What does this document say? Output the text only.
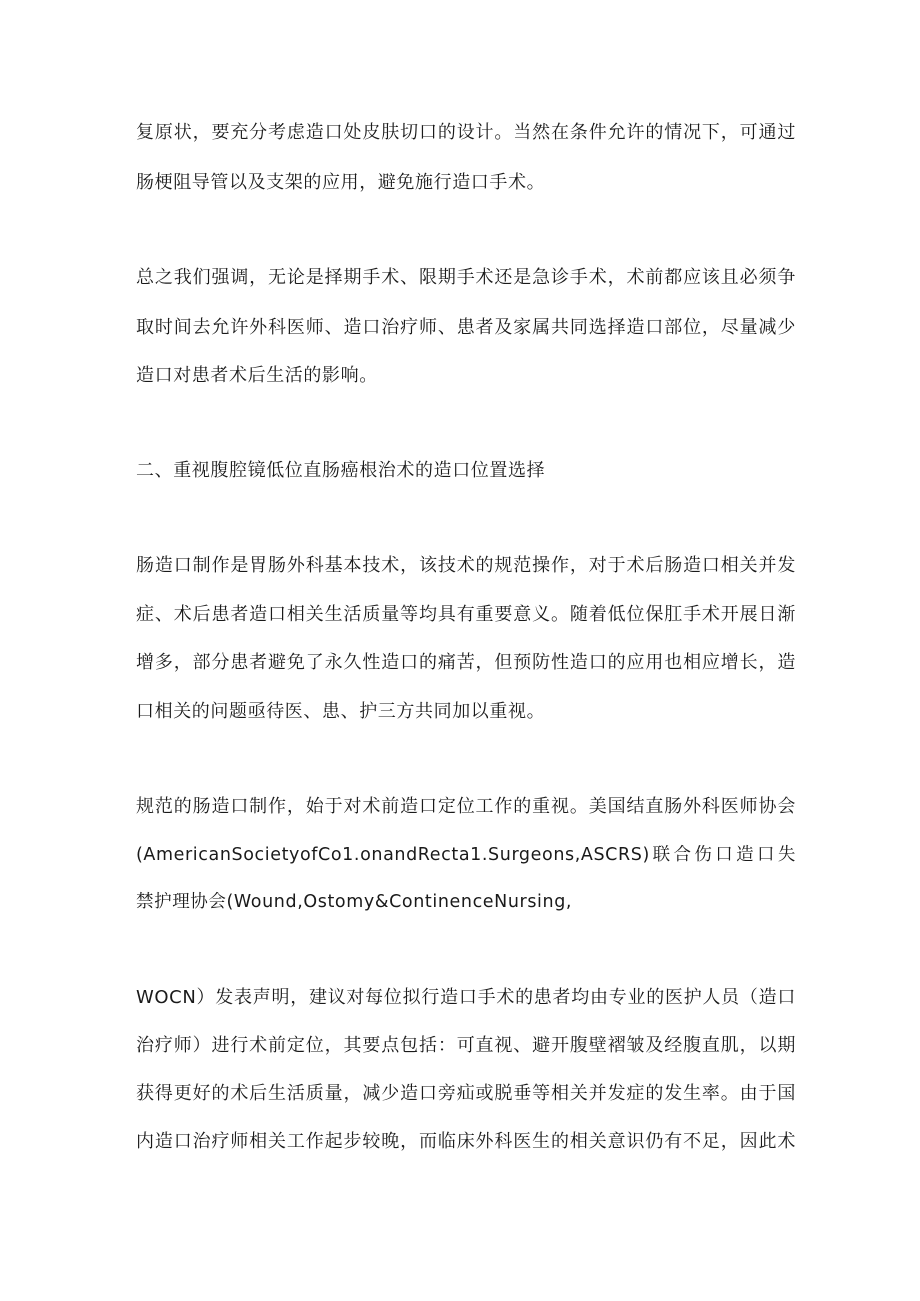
复原状，要充分考虑造口处皮肤切口的设计。当然在条件允许的情况下，可通过
肠梗阻导管以及支架的应用，避免施行造口手术。
总之我们强调，无论是择期手术、限期手术还是急诊手术，术前都应该且必须争
取时间去允许外科医师、造口治疗师、患者及家属共同选择造口部位，尽量减少
造口对患者术后生活的影响。
二、重视腹腔镜低位直肠癌根治术的造口位置选择
肠造口制作是胃肠外科基本技术，该技术的规范操作，对于术后肠造口相关并发
症、术后患者造口相关生活质量等均具有重要意义。随着低位保肛手术开展日渐
增多，部分患者避免了永久性造口的痛苦，但预防性造口的应用也相应增长，造
口相关的问题亟待医、患、护三方共同加以重视。
规范的肠造口制作，始于对术前造口定位工作的重视。美国结直肠外科医师协会
(AmericanSocietyofCo1.onandRecta1.Surgeons,ASCRS)联合伤口造口失
禁护理协会(Wound,Ostomy&ContinenceNursing,
WOCN）发表声明，建议对每位拟行造口手术的患者均由专业的医护人员（造口
治疗师）进行术前定位，其要点包括：可直视、避开腹壁褶皱及经腹直肌，以期
获得更好的术后生活质量，减少造口旁疝或脱垂等相关并发症的发生率。由于国
内造口治疗师相关工作起步较晚，而临床外科医生的相关意识仍有不足，因此术
